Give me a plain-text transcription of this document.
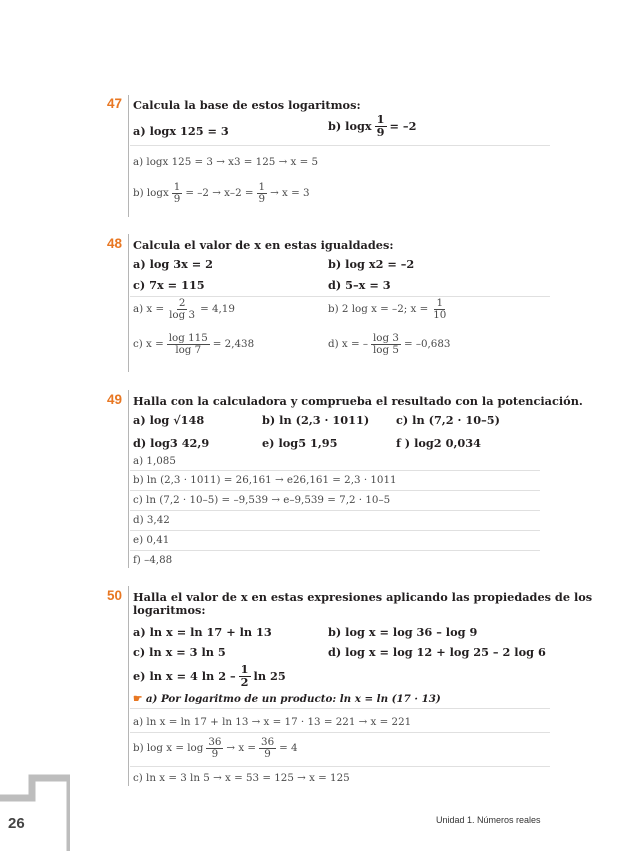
47 Calcula la base de estos logaritmos:
a) logx 125 = 3	b) logx $\frac{1}{9} = -2$
a) logx 125 = 3 → x3 = 125 → x = 5
b) logx $\frac{1}{9} = -2 \to x-2 = \frac{1}{9} \to x = 3$
48 Calcula el valor de x en estas igualdades:
a) log 3x = 2	b) log x2 = –2
c) 7x = 115	d) 5–x = 3
a) $x = \frac{2}{\log 3} = 4,19$	b) 2 log x = –2; $x = \frac{1}{10}$
c) $x = \frac{\log 115}{\log 7} = 2,438$	d) x = – $\frac{\log 3}{\log 5} = -0,683$
49 Halla con la calculadora y comprueba el resultado con la potenciación.
a) log √148	b) ln (2,3 · 1011) c) ln (7,2 · 10–5)
d) log3 42,9	e) log5 1,95	f ) log2 0,034
a) 1,085
b) ln (2,3 · 1011) = 26,161 → e26,161 = 2,3 · 1011
c) ln (7,2 · 10–5) = –9,539 → e–9,539 = 7,2 · 10–5
d) 3,42
e) 0,41
f) –4,88
50 Halla el valor de x en estas expresiones aplicando las propiedades de los
logaritmos:
a) ln x = ln 17 + ln 13	b) log x = log 36 – log 9
c) ln x = 3 ln 5	d) log x = log 12 + log 25 – 2 log 6
e) ln x = 4 $\ln 2 - \frac{1}{2}$ ln 25
☛ a) Por logaritmo de un producto: ln x = ln (17 · 13)
a) ln x = ln 17 + ln 13 → x = 17 · 13 = 221 → x = 221
b) $\log x = \log \frac{36}{9} \to x = \frac{36}{9} = 4$
c) ln x = 3 ln 5 → x = 53 = 125 → x = 125
26	Unidad 1. Números reales
